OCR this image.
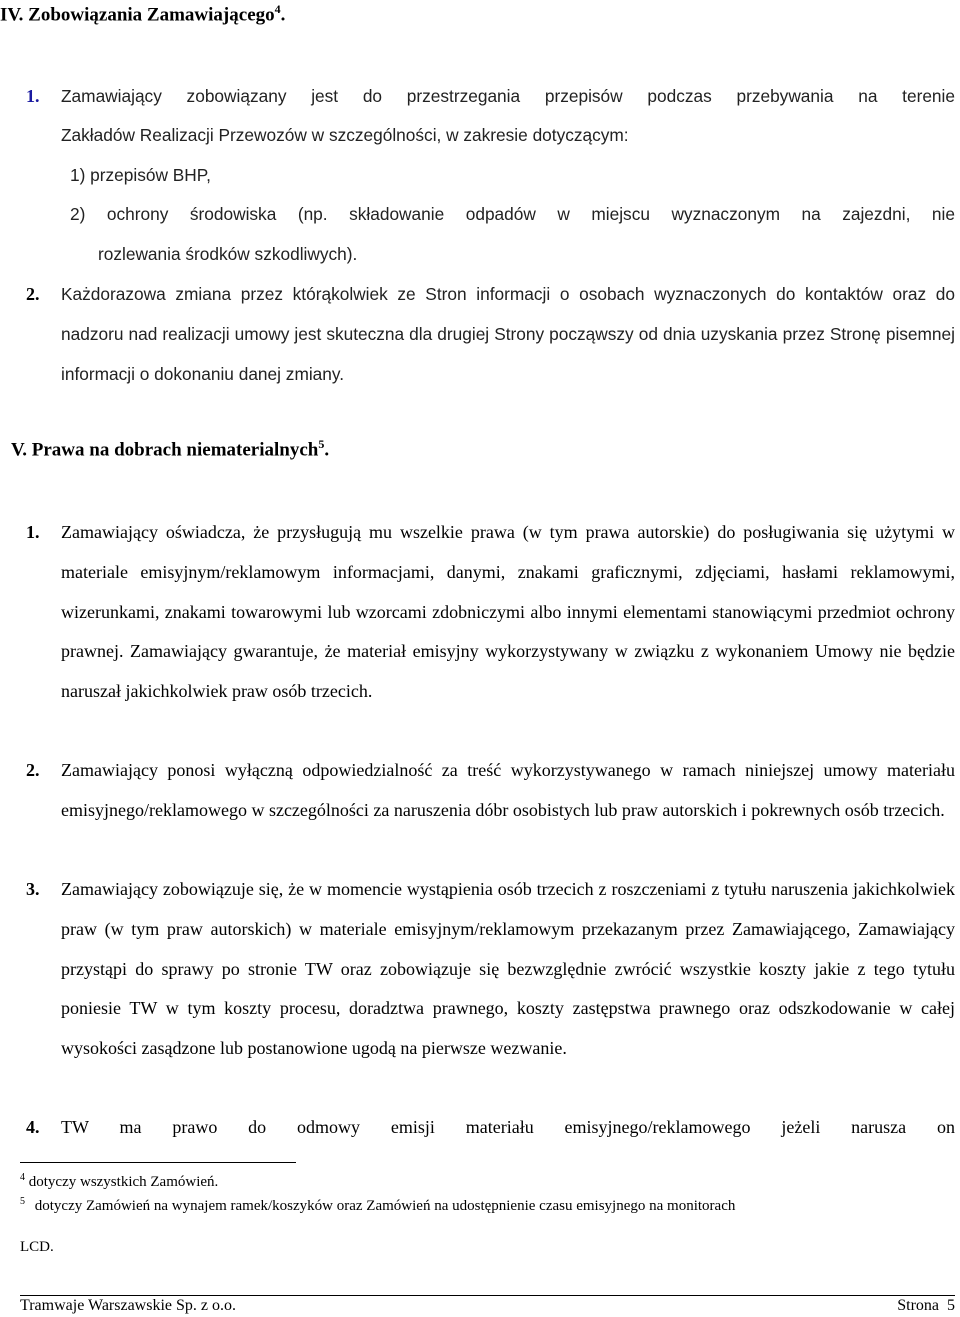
IV. Zobowiązania Zamawiającego$^4$.
1. Zamawiający zobowiązany jest do przestrzegania przepisów podczas przebywania na terenie
Zakładów Realizacji Przewozów w szczególności, w zakresie dotyczącym:
1) przepisów BHP,
2) ochrony środowiska (np. składowanie odpadów w miejscu wyznaczonym na zajezdni, nie
rozlewania środków szkodliwych).
2. Każdorazowa zmiana przez którąkolwiek ze Stron informacji o osobach wyznaczonych do kontaktów oraz do nadzoru nad realizacji umowy jest skuteczna dla drugiej Strony począwszy od dnia uzyskania przez Stronę pisemnej informacji o dokonaniu danej zmiany.
V. Prawa na dobrach niematerialnych$^5$.
1. Zamawiający oświadcza, że przysługują mu wszelkie prawa (w tym prawa autorskie) do posługiwania się użytymi w materiale emisyjnym/reklamowym informacjami, danymi, znakami graficznymi, zdjęciami, hasłami reklamowymi, wizerunkami, znakami towarowymi lub wzorcami zdobniczymi albo innymi elementami stanowiącymi przedmiot ochrony prawnej. Zamawiający gwarantuje, że materiał emisyjny wykorzystywany w związku z wykonaniem Umowy nie będzie naruszał jakichkolwiek praw osób trzecich.
2. Zamawiający ponosi wyłączną odpowiedzialność za treść wykorzystywanego w ramach niniejszej umowy materiału emisyjnego/reklamowego w szczególności za naruszenia dóbr osobistych lub praw autorskich i pokrewnych osób trzecich.
3. Zamawiający zobowiązuje się, że w momencie wystąpienia osób trzecich z roszczeniami z tytułu naruszenia jakichkolwiek praw (w tym praw autorskich) w materiale emisyjnym/reklamowym przekazanym przez Zamawiającego, Zamawiający przystąpi do sprawy po stronie TW oraz zobowiązuje się bezwzględnie zwrócić wszystkie koszty jakie z tego tytułu poniesie TW w tym koszty procesu, doradztwa prawnego, koszty zastępstwa prawnego oraz odszkodowanie w całej wysokości zasądzone lub postanowione ugodą na pierwsze wezwanie.
4. TW ma prawo do odmowy emisji materiału emisyjnego/reklamowego jeżeli narusza on
$^4$ dotyczy wszystkich Zamówień.
$^5$ dotyczy Zamówień na wynajem ramek/koszyków oraz Zamówień na udostępnienie czasu emisyjnego na monitorach
LCD.
Tramwaje Warszawskie Sp. z o.o.	Strona 5
